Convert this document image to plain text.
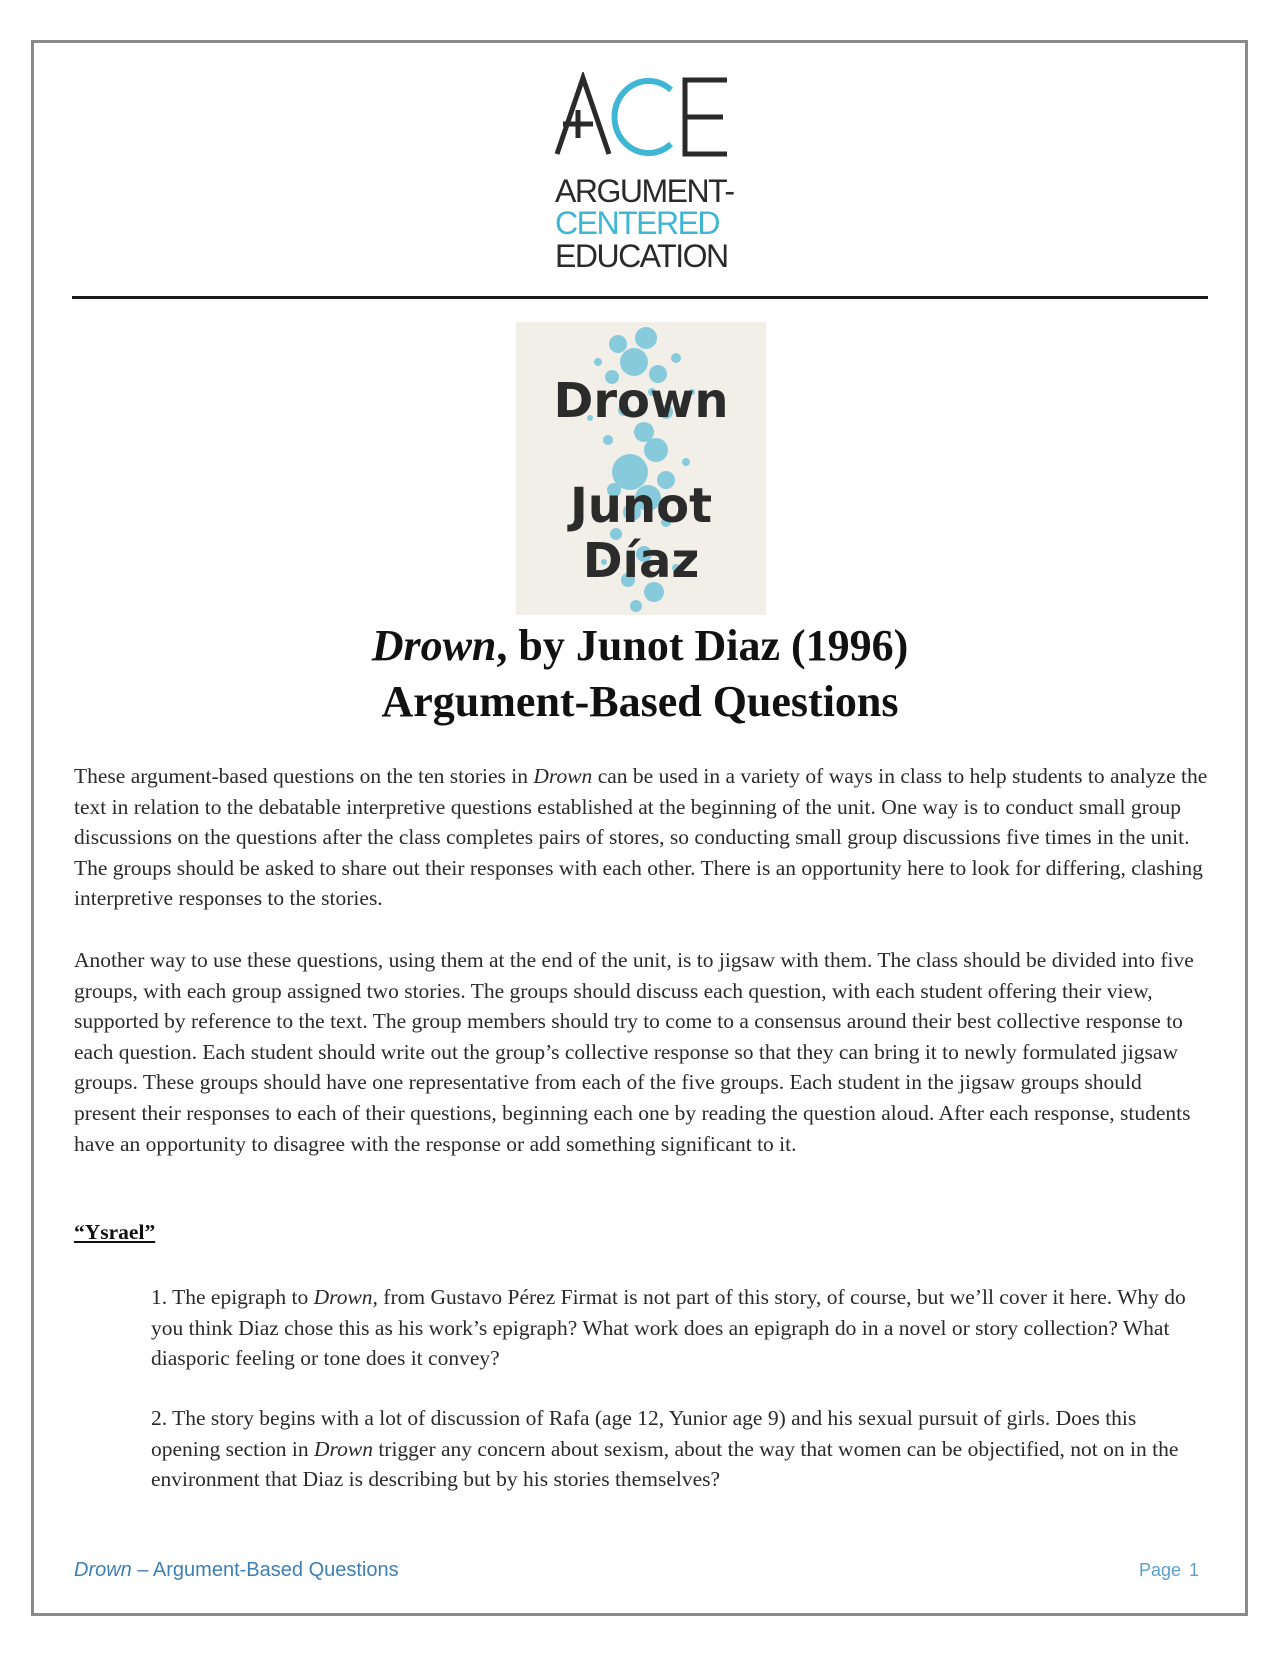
ARGUMENT-
CENTERED
EDUCATION
Drown
Junot
Díaz
Drown, by Junot Diaz (1996)
Argument-Based Questions

These argument-based questions on the ten stories in Drown can be used in a variety of ways in class to help students to analyze the text in relation to the debatable interpretive questions established at the beginning of the unit. One way is to conduct small group discussions on the questions after the class completes pairs of stores, so conducting small group discussions five times in the unit. The groups should be asked to share out their responses with each other. There is an opportunity here to look for differing, clashing interpretive responses to the stories.

Another way to use these questions, using them at the end of the unit, is to jigsaw with them. The class should be divided into five groups, with each group assigned two stories. The groups should discuss each question, with each student offering their view, supported by reference to the text. The group members should try to come to a consensus around their best collective response to each question. Each student should write out the group’s collective response so that they can bring it to newly formulated jigsaw groups. These groups should have one representative from each of the five groups. Each student in the jigsaw groups should present their responses to each of their questions, beginning each one by reading the question aloud. After each response, students have an opportunity to disagree with the response or add something significant to it.

“Ysrael”

1. The epigraph to Drown, from Gustavo Pérez Firmat is not part of this story, of course, but we’ll cover it here. Why do you think Diaz chose this as his work’s epigraph? What work does an epigraph do in a novel or story collection? What diasporic feeling or tone does it convey?

2. The story begins with a lot of discussion of Rafa (age 12, Yunior age 9) and his sexual pursuit of girls. Does this opening section in Drown trigger any concern about sexism, about the way that women can be objectified, not on in the environment that Diaz is describing but by his stories themselves?

Drown – Argument-Based Questions	Page 1
